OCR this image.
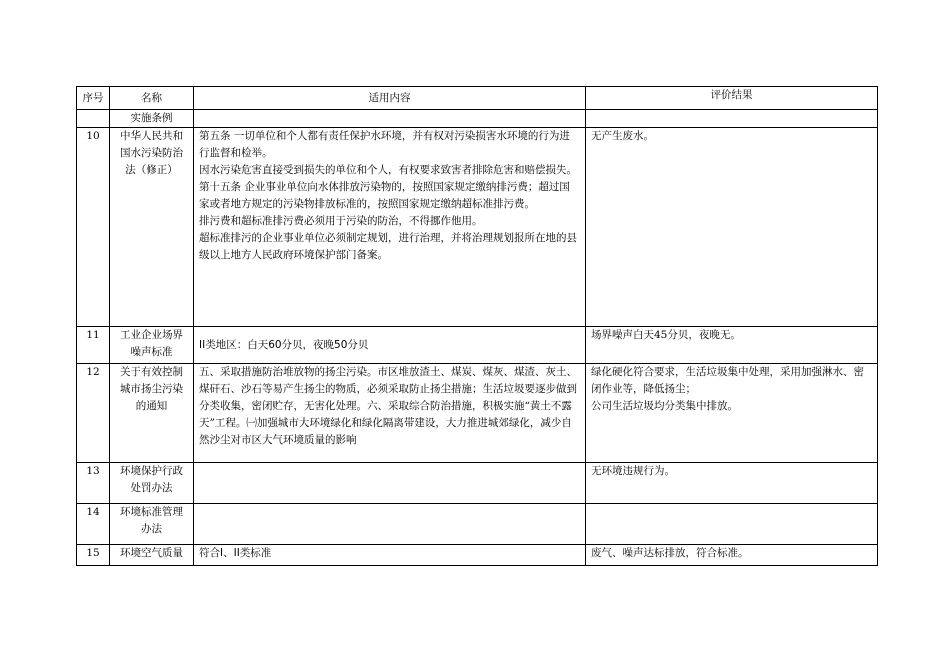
序号	名称	适用内容	评价结果
	实施条例		
10	中华人民共和国水污染防治法（修正）	第五条 一切单位和个人都有责任保护水环境，并有权对污染损害水环境的行为进行监督和检举。

因水污染危害直接受到损失的单位和个人，有权要求致害者排除危害和赔偿损失。

第十五条 企业事业单位向水体排放污染物的，按照国家规定缴纳排污费；超过国家或者地方规定的污染物排放标准的，按照国家规定缴纳超标准排污费。

排污费和超标准排污费必须用于污染的防治，不得挪作他用。

超标准排污的企业事业单位必须制定规划，进行治理，并将治理规划报所在地的县级以上地方人民政府环境保护部门备案。	无产生废水。

11	工业企业场界噪声标准	II类地区：白天60分贝，夜晚50分贝	场界噪声白天45分贝，夜晚无。

12	关于有效控制城市扬尘污染的通知	五、采取措施防治堆放物的扬尘污染。市区堆放渣土、煤炭、煤灰、煤渣、灰土、煤矸石、沙石等易产生扬尘的物质，必须采取防止扬尘措施；生活垃圾要逐步做到分类收集，密闭贮存，无害化处理。六、采取综合防治措施，积极实施“黄土不露天”工程。㈠加强城市大环境绿化和绿化隔离带建设，大力推进城郊绿化，减少自然沙尘对市区大气环境质量的影响	绿化硬化符合要求，生活垃圾集中处理，采用加强淋水、密闭作业等，降低扬尘；

公司生活垃圾均分类集中排放。

13	环境保护行政处罚办法		无环境违规行为。

14	环境标准管理办法		
15	环境空气质量	符合I、II类标准	废气、噪声达标排放，符合标准。
